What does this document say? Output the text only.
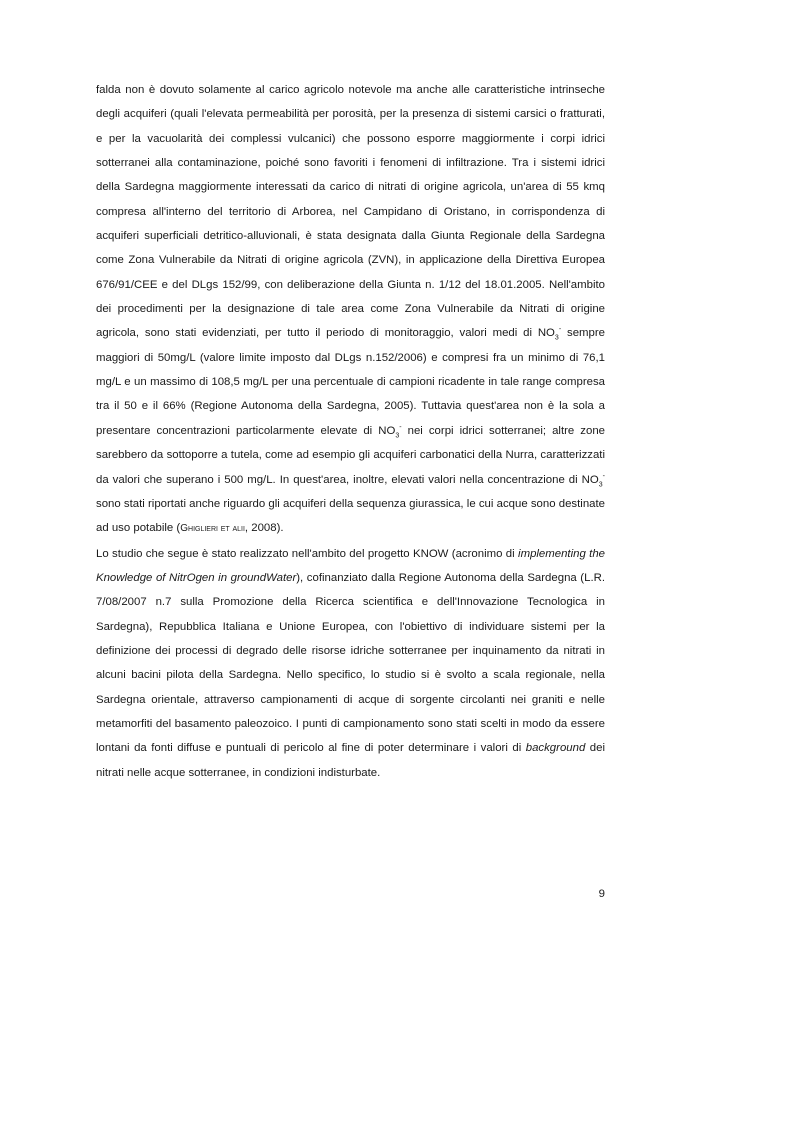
falda non è dovuto solamente al carico agricolo notevole ma anche alle caratteristiche intrinseche degli acquiferi (quali l'elevata permeabilità per porosità, per la presenza di sistemi carsici o fratturati, e per la vacuolarità dei complessi vulcanici) che possono esporre maggiormente i corpi idrici sotterranei alla contaminazione, poiché sono favoriti i fenomeni di infiltrazione. Tra i sistemi idrici della Sardegna maggiormente interessati da carico di nitrati di origine agricola, un'area di 55 kmq compresa all'interno del territorio di Arborea, nel Campidano di Oristano, in corrispondenza di acquiferi superficiali detritico-alluvionali, è stata designata dalla Giunta Regionale della Sardegna come Zona Vulnerabile da Nitrati di origine agricola (ZVN), in applicazione della Direttiva Europea 676/91/CEE e del DLgs 152/99, con deliberazione della Giunta n. 1/12 del 18.01.2005. Nell'ambito dei procedimenti per la designazione di tale area come Zona Vulnerabile da Nitrati di origine agricola, sono stati evidenziati, per tutto il periodo di monitoraggio, valori medi di $NO_3^-$ sempre maggiori di 50mg/L (valore limite imposto dal DLgs n.152/2006) e compresi fra un minimo di 76,1 mg/L e un massimo di 108,5 mg/L per una percentuale di campioni ricadente in tale range compresa tra il 50 e il 66% (Regione Autonoma della Sardegna, 2005). Tuttavia quest'area non è la sola a presentare concentrazioni particolarmente elevate di $NO_3^-$ nei corpi idrici sotterranei; altre zone sarebbero da sottoporre a tutela, come ad esempio gli acquiferi carbonatici della Nurra, caratterizzati da valori che superano i 500 mg/L. In quest'area, inoltre, elevati valori nella concentrazione di $NO_3^-$ sono stati riportati anche riguardo gli acquiferi della sequenza giurassica, le cui acque sono destinate ad uso potabile (Ghiglieri et alii, 2008).

Lo studio che segue è stato realizzato nell'ambito del progetto KNOW (acronimo di implementing the Knowledge of NitrOgen in groundWater), cofinanziato dalla Regione Autonoma della Sardegna (L.R. 7/08/2007 n.7 sulla Promozione della Ricerca scientifica e dell'Innovazione Tecnologica in Sardegna), Repubblica Italiana e Unione Europea, con l'obiettivo di individuare sistemi per la definizione dei processi di degrado delle risorse idriche sotterranee per inquinamento da nitrati in alcuni bacini pilota della Sardegna. Nello specifico, lo studio si è svolto a scala regionale, nella Sardegna orientale, attraverso campionamenti di acque di sorgente circolanti nei graniti e nelle metamorfiti del basamento paleozoico. I punti di campionamento sono stati scelti in modo da essere lontani da fonti diffuse e puntuali di pericolo al fine di poter determinare i valori di background dei nitrati nelle acque sotterranee, in condizioni indisturbate.

9
